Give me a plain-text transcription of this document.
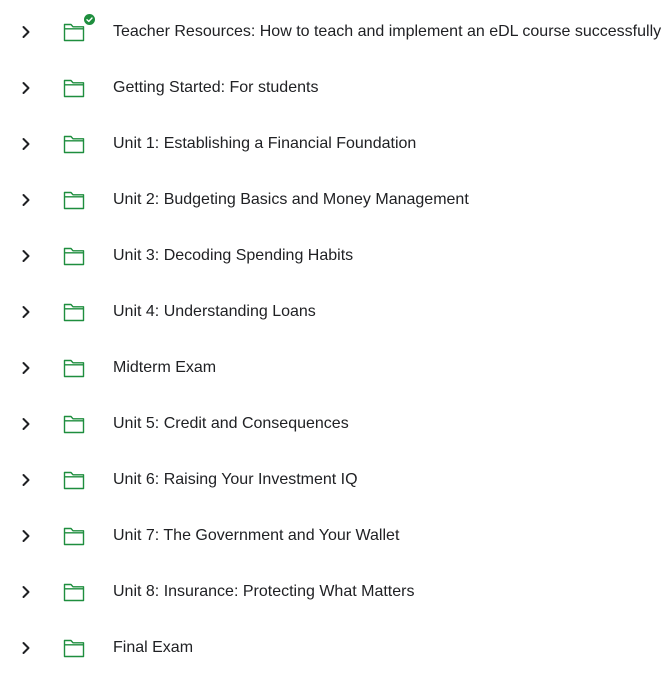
Teacher Resources: How to teach and implement an eDL course successfully
Getting Started: For students
Unit 1: Establishing a Financial Foundation
Unit 2: Budgeting Basics and Money Management
Unit 3: Decoding Spending Habits
Unit 4: Understanding Loans
Midterm Exam
Unit 5: Credit and Consequences
Unit 6: Raising Your Investment IQ
Unit 7: The Government and Your Wallet
Unit 8: Insurance: Protecting What Matters
Final Exam
